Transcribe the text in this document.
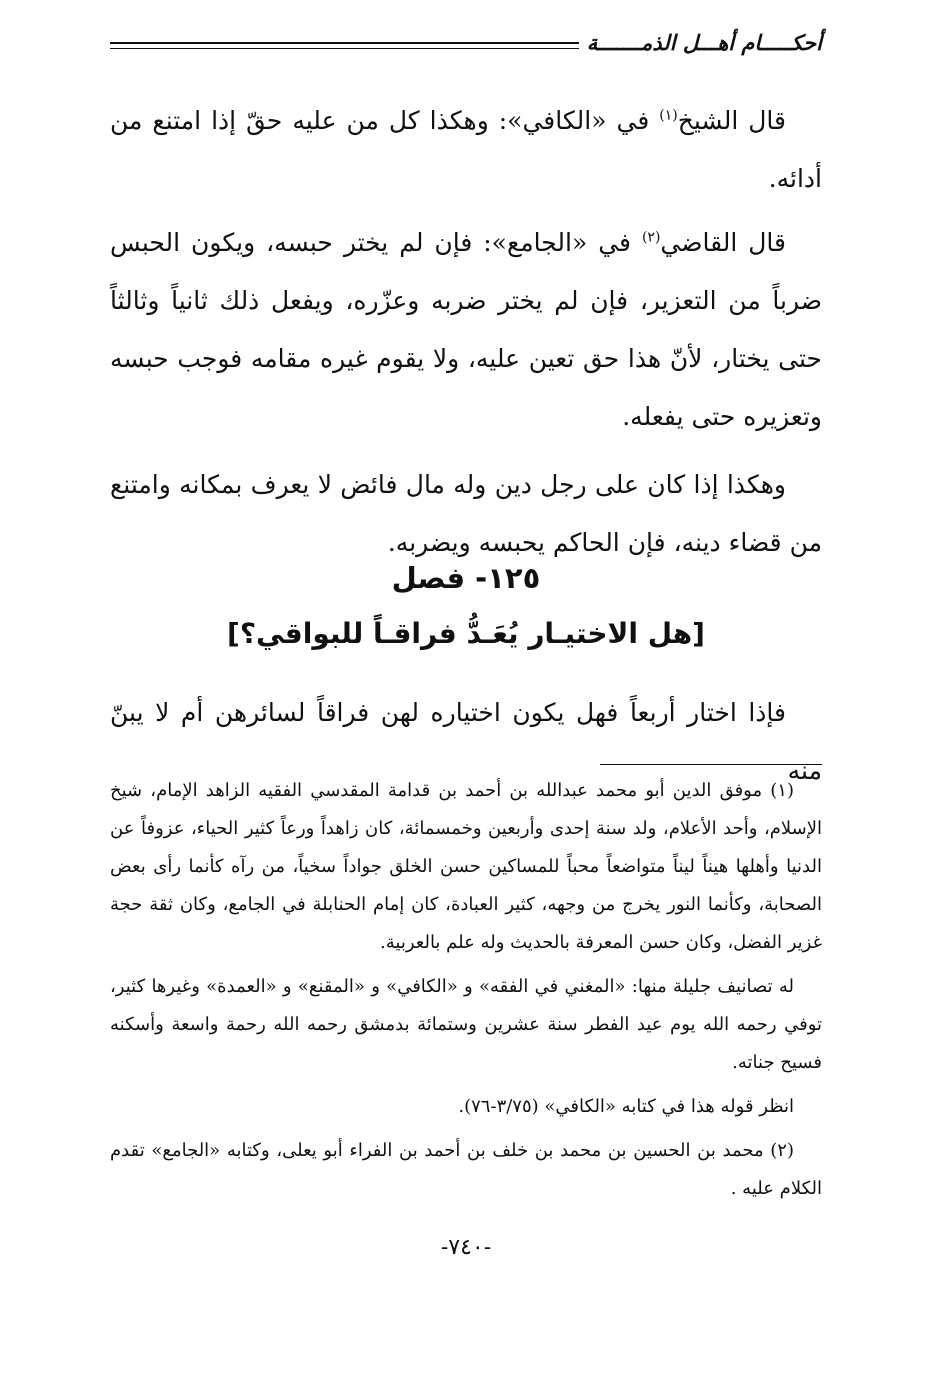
أحكـــــام أهـــل الذمـــــــة

قال الشيخ$^{(١)}$ في «الكافي»: وهكذا كل من عليه حقّ إذا امتنع من أدائه.

قال القاضي$^{(٢)}$ في «الجامع»: فإن لم يختر حبسه، ويكون الحبس ضرباً من التعزير، فإن لم يختر ضربه وعزّره، ويفعل ذلك ثانياً وثالثاً حتى يختار، لأنّ هذا حق تعين عليه، ولا يقوم غيره مقامه فوجب حبسه وتعزيره حتى يفعله.

وهكذا إذا كان على رجل دين وله مال فائض لا يعرف بمكانه وامتنع من قضاء دينه، فإن الحاكم يحبسه ويضربه.

١٢٥- فصل
[هل الاختيـار يُعَـدُّ فراقـاً للبواقي؟]

فإذا اختار أربعاً فهل يكون اختياره لهن فراقاً لسائرهن أم لا يبنّ منه

(١) موفق الدين أبو محمد عبدالله بن أحمد بن قدامة المقدسي الفقيه الزاهد الإمام، شيخ الإسلام، وأحد الأعلام، ولد سنة إحدى وأربعين وخمسمائة، كان زاهداً ورعاً كثير الحياء، عزوفاً عن الدنيا وأهلها هيناً ليناً متواضعاً محباً للمساكين حسن الخلق جواداً سخياً، من رآه كأنما رأى بعض الصحابة، وكأنما النور يخرج من وجهه، كثير العبادة، كان إمام الحنابلة في الجامع، وكان ثقة حجة غزير الفضل، وكان حسن المعرفة بالحديث وله علم بالعربية.

له تصانيف جليلة منها: «المغني في الفقه» و «الكافي» و «المقنع» و «العمدة» وغيرها كثير، توفي رحمه الله يوم عيد الفطر سنة عشرين وستمائة بدمشق رحمه الله رحمة واسعة وأسكنه فسيح جناته.

انظر قوله هذا في كتابه «الكافي» (٣/٧٥-٧٦).

(٢) محمد بن الحسين بن محمد بن خلف بن أحمد بن الفراء أبو يعلى، وكتابه «الجامع» تقدم الكلام عليه .

-٧٤٠-
